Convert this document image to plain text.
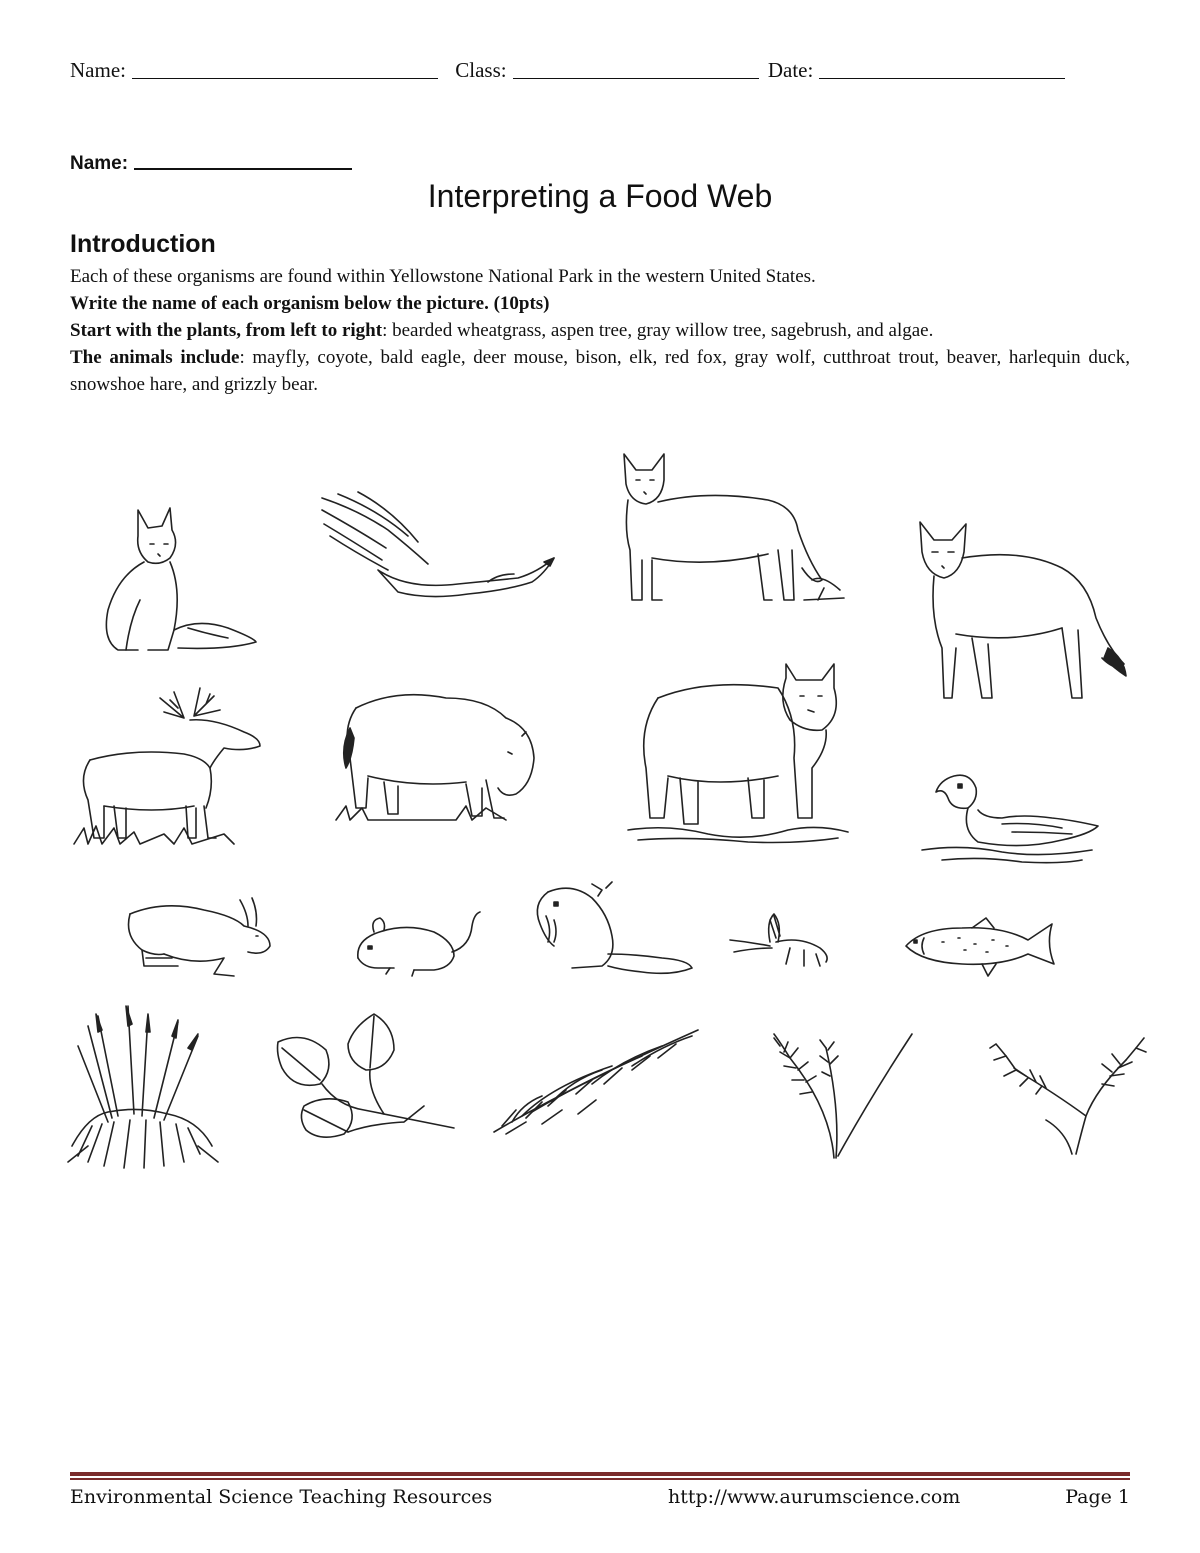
Name:	Class:	Date:
Name:
Interpreting a Food Web
Introduction

Each of these organisms are found within Yellowstone National Park in the western United States.

Write the name of each organism below the picture. (10pts)

Start with the plants, from left to right: bearded wheatgrass, aspen tree, gray willow tree, sagebrush, and algae.

The animals include: mayfly, coyote, bald eagle, deer mouse, bison, elk, red fox, gray wolf, cutthroat trout, beaver, harlequin duck, snowshoe hare, and grizzly bear.

Environmental Science Teaching Resources	http://www.aurumscience.com	Page 1
